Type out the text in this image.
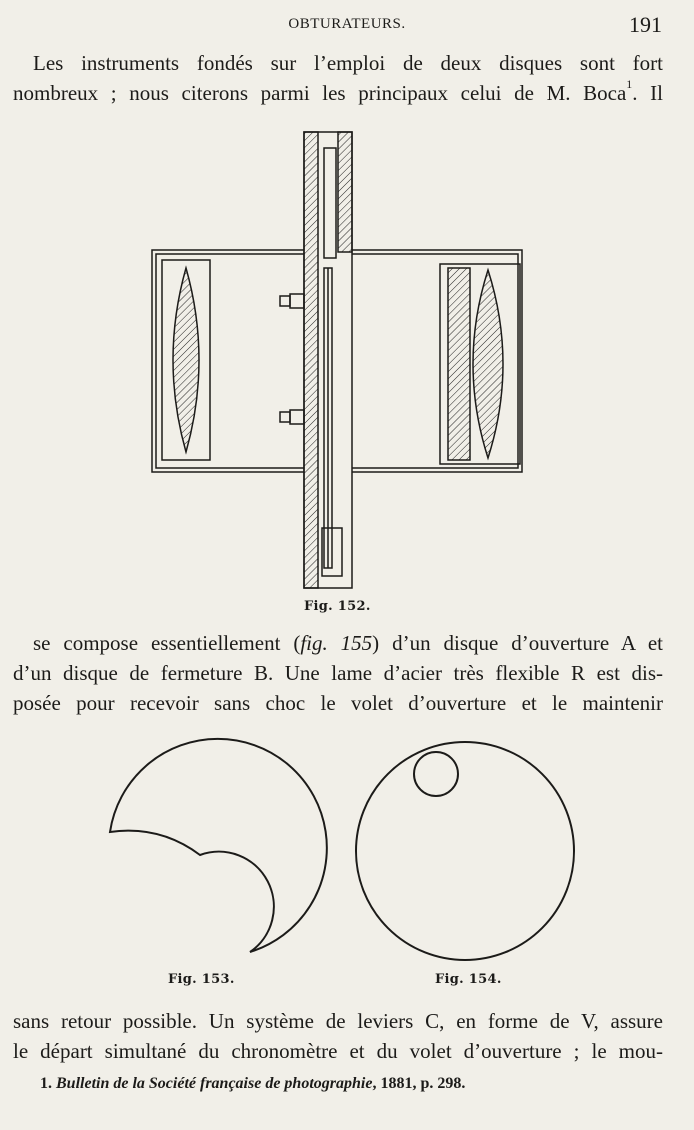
OBTURATEURS.	191
Les instruments fondés sur l’emploi de deux disques sont fort
nombreux ; nous citerons parmi les principaux celui de M. Boca$^1$. Il
Fig. 152.
se compose essentiellement (fig. 155) d’un disque d’ouverture A et
d’un disque de fermeture B. Une lame d’acier très flexible R est dis-
posée pour recevoir sans choc le volet d’ouverture et le maintenir
Fig. 153.	Fig. 154.
sans retour possible. Un système de leviers C, en forme de V, assure
le départ simultané du chronomètre et du volet d’ouverture ; le mou-
1. Bulletin de la Société française de photographie, 1881, p. 298.
